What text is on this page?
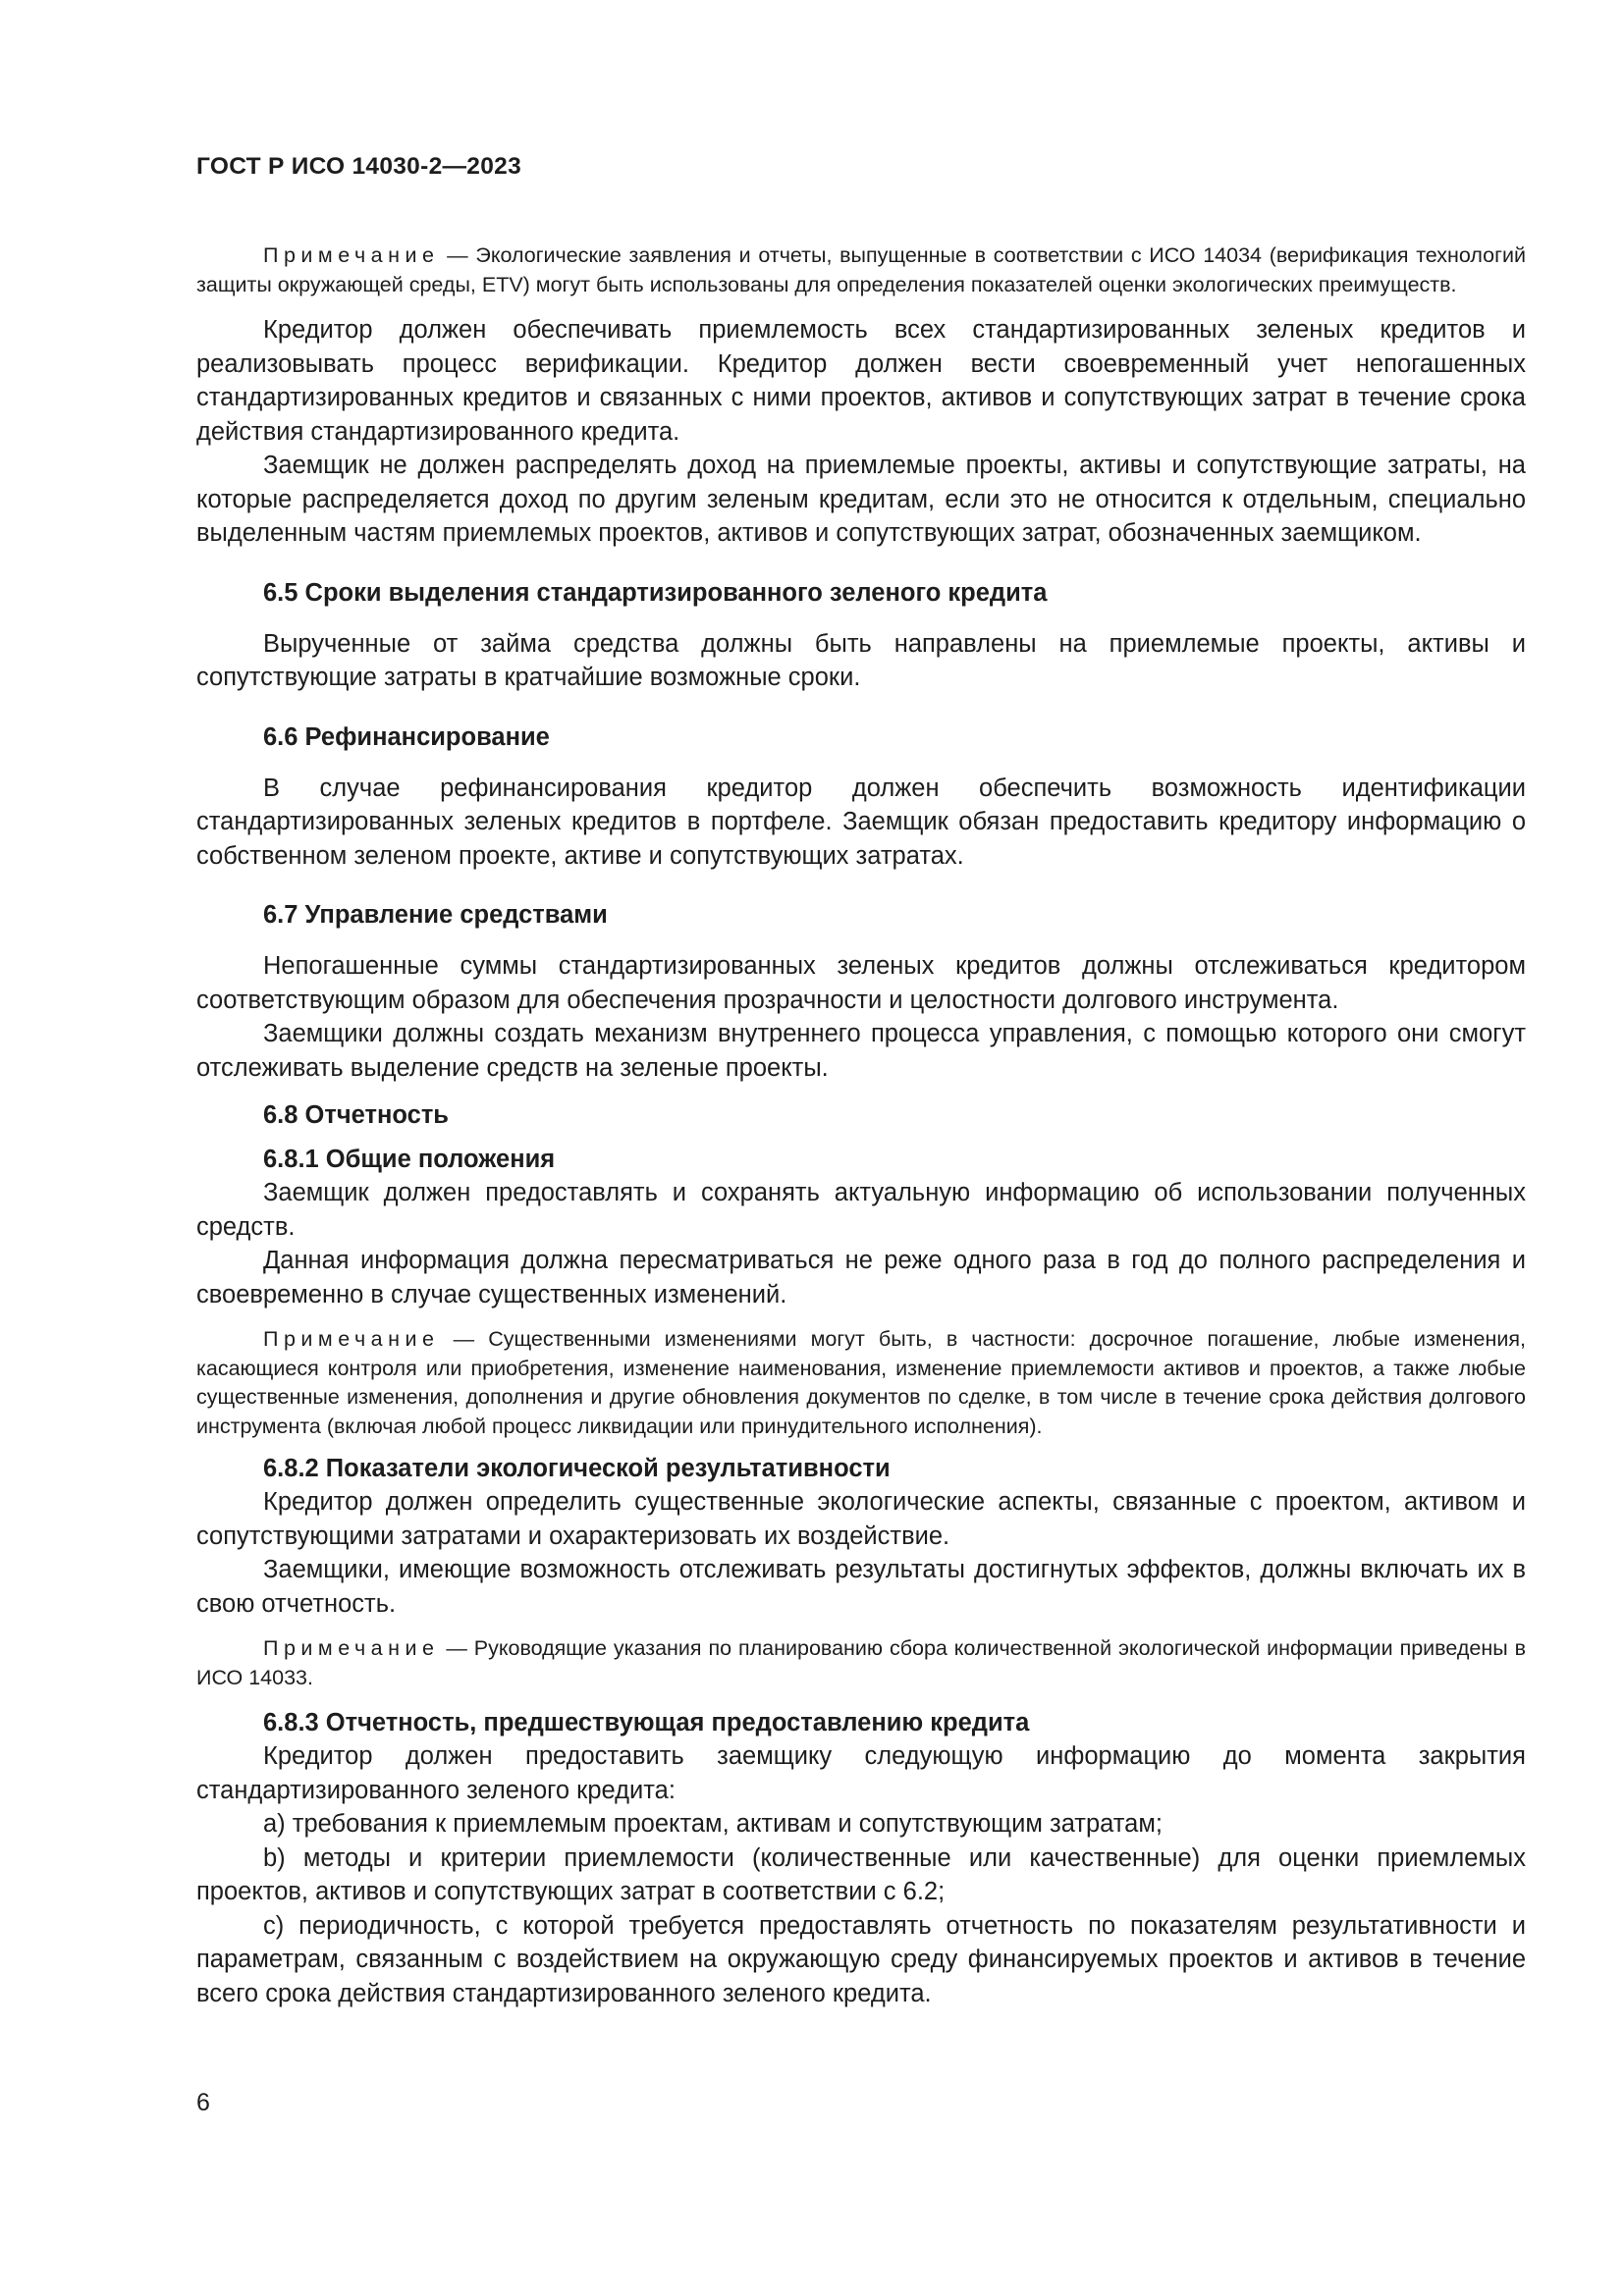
ГОСТ Р ИСО 14030-2—2023

Примечание — Экологические заявления и отчеты, выпущенные в соответствии с ИСО 14034 (верификация технологий защиты окружающей среды, ETV) могут быть использованы для определения показателей оценки экологических преимуществ.

Кредитор должен обеспечивать приемлемость всех стандартизированных зеленых кредитов и реализовывать процесс верификации. Кредитор должен вести своевременный учет непогашенных стандартизированных кредитов и связанных с ними проектов, активов и сопутствующих затрат в течение срока действия стандартизированного кредита.

Заемщик не должен распределять доход на приемлемые проекты, активы и сопутствующие затраты, на которые распределяется доход по другим зеленым кредитам, если это не относится к отдельным, специально выделенным частям приемлемых проектов, активов и сопутствующих затрат, обозначенных заемщиком.

6.5 Сроки выделения стандартизированного зеленого кредита

Вырученные от займа средства должны быть направлены на приемлемые проекты, активы и сопутствующие затраты в кратчайшие возможные сроки.

6.6 Рефинансирование

В случае рефинансирования кредитор должен обеспечить возможность идентификации стандартизированных зеленых кредитов в портфеле. Заемщик обязан предоставить кредитору информацию о собственном зеленом проекте, активе и сопутствующих затратах.

6.7 Управление средствами

Непогашенные суммы стандартизированных зеленых кредитов должны отслеживаться кредитором соответствующим образом для обеспечения прозрачности и целостности долгового инструмента.

Заемщики должны создать механизм внутреннего процесса управления, с помощью которого они смогут отслеживать выделение средств на зеленые проекты.

6.8 Отчетность
6.8.1 Общие положения

Заемщик должен предоставлять и сохранять актуальную информацию об использовании полученных средств.

Данная информация должна пересматриваться не реже одного раза в год до полного распределения и своевременно в случае существенных изменений.

Примечание — Существенными изменениями могут быть, в частности: досрочное погашение, любые изменения, касающиеся контроля или приобретения, изменение наименования, изменение приемлемости активов и проектов, а также любые существенные изменения, дополнения и другие обновления документов по сделке, в том числе в течение срока действия долгового инструмента (включая любой процесс ликвидации или принудительного исполнения).

6.8.2 Показатели экологической результативности

Кредитор должен определить существенные экологические аспекты, связанные с проектом, активом и сопутствующими затратами и охарактеризовать их воздействие.

Заемщики, имеющие возможность отслеживать результаты достигнутых эффектов, должны включать их в свою отчетность.

Примечание — Руководящие указания по планированию сбора количественной экологической информации приведены в ИСО 14033.

6.8.3 Отчетность, предшествующая предоставлению кредита

Кредитор должен предоставить заемщику следующую информацию до момента закрытия стандартизированного зеленого кредита:

а) требования к приемлемым проектам, активам и сопутствующим затратам;

b) методы и критерии приемлемости (количественные или качественные) для оценки приемлемых проектов, активов и сопутствующих затрат в соответствии с 6.2;

с) периодичность, с которой требуется предоставлять отчетность по показателям результативности и параметрам, связанным с воздействием на окружающую среду финансируемых проектов и активов в течение всего срока действия стандартизированного зеленого кредита.

6
